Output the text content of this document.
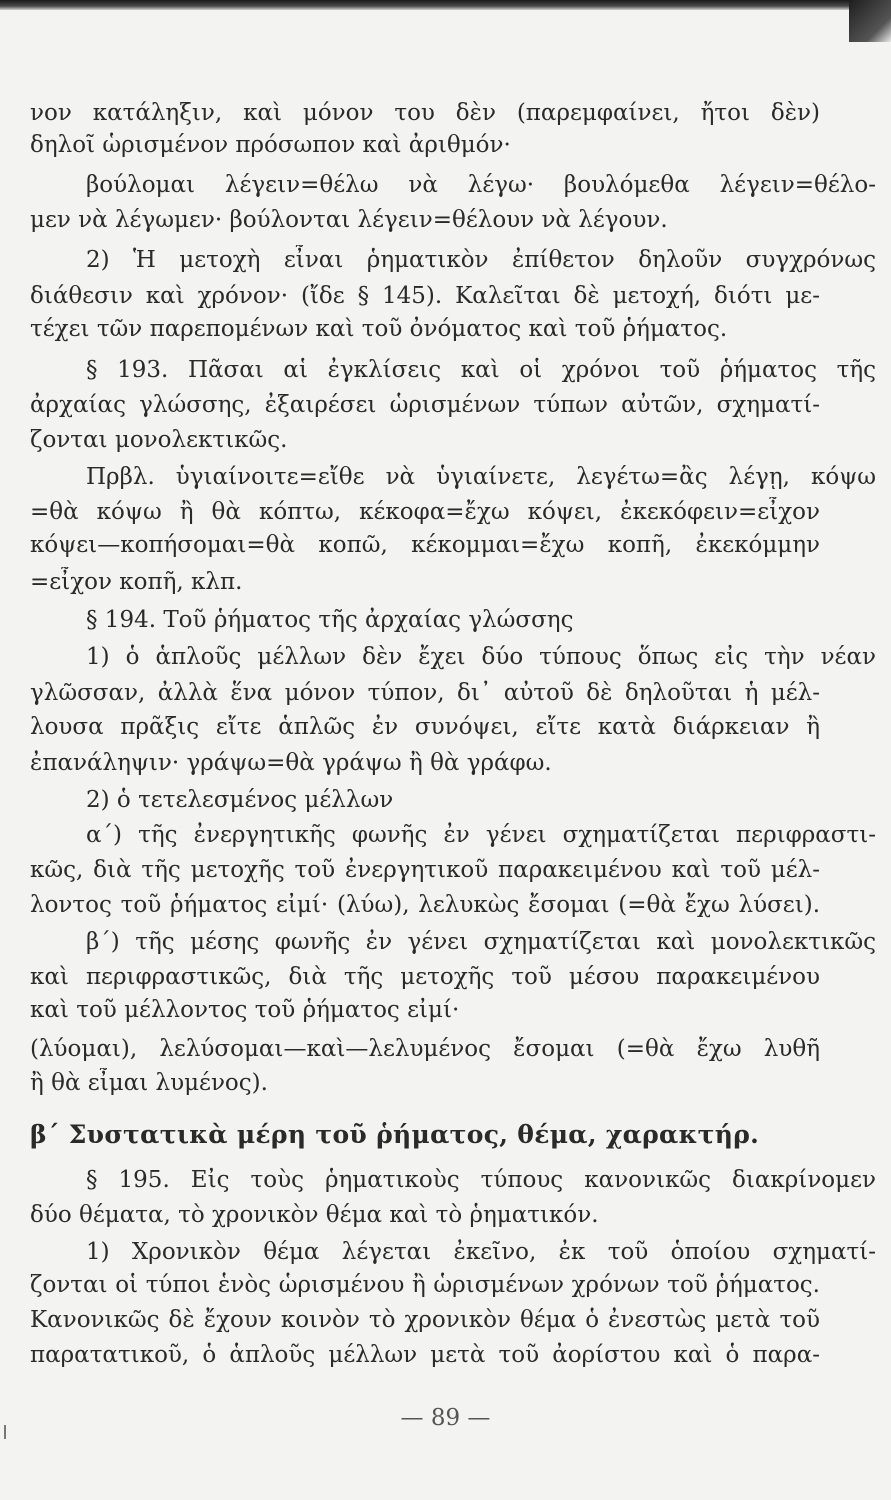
νον κατάληξιν, καὶ μόνον του δὲν (παρεμφαίνει, ἤτοι δὲν)
δηλοῖ ὡρισμένον πρόσωπον καὶ ἀριθμόν·
βούλομαι λέγειν=θέλω νὰ λέγω· βουλόμεθα λέγειν=θέλο-
μεν νὰ λέγωμεν· βούλονται λέγειν=θέλουν νὰ λέγουν.
2) Ἡ μετοχὴ εἶναι ῥηματικὸν ἐπίθετον δηλοῦν συγχρόνως
διάθεσιν καὶ χρόνον· (ἴδε § 145). Καλεῖται δὲ μετοχή, διότι με-
τέχει τῶν παρεπομένων καὶ τοῦ ὀνόματος καὶ τοῦ ῥήματος.
§ 193. Πᾶσαι αἱ ἐγκλίσεις καὶ οἱ χρόνοι τοῦ ῥήματος τῆς
ἀρχαίας γλώσσης, ἐξαιρέσει ὡρισμένων τύπων αὐτῶν, σχηματί-
ζονται μονολεκτικῶς.
Πρβλ. ὑγιαίνοιτε=εἴθε νὰ ὑγιαίνετε, λεγέτω=ἂς λέγῃ, κόψω
=θὰ κόψω ἢ θὰ κόπτω, κέκοφα=ἔχω κόψει, ἐκεκόφειν=εἶχον
κόψει—κοπήσομαι=θὰ κοπῶ, κέκομμαι=ἔχω κοπῆ, ἐκεκόμμην
=εἶχον κοπῆ, κλπ.
§ 194. Τοῦ ῥήματος τῆς ἀρχαίας γλώσσης
1) ὁ ἁπλοῦς μέλλων δὲν ἔχει δύο τύπους ὅπως εἰς τὴν νέαν
γλῶσσαν, ἀλλὰ ἕνα μόνον τύπον, δι᾽ αὐτοῦ δὲ δηλοῦται ἡ μέλ-
λουσα πρᾶξις εἴτε ἁπλῶς ἐν συνόψει, εἴτε κατὰ διάρκειαν ἢ
ἐπανάληψιν· γράψω=θὰ γράψω ἢ θὰ γράφω.
2) ὁ τετελεσμένος μέλλων
α΄) τῆς ἐνεργητικῆς φωνῆς ἐν γένει σχηματίζεται περιφραστι-
κῶς, διὰ τῆς μετοχῆς τοῦ ἐνεργητικοῦ παρακειμένου καὶ τοῦ μέλ-
λοντος τοῦ ῥήματος εἰμί· (λύω), λελυκὼς ἔσομαι (=θὰ ἔχω λύσει).
β΄) τῆς μέσης φωνῆς ἐν γένει σχηματίζεται καὶ μονολεκτικῶς
καὶ περιφραστικῶς, διὰ τῆς μετοχῆς τοῦ μέσου παρακειμένου
καὶ τοῦ μέλλοντος τοῦ ῥήματος εἰμί·
(λύομαι), λελύσομαι—καὶ—λελυμένος ἔσομαι (=θὰ ἔχω λυθῆ
ἢ θὰ εἶμαι λυμένος).
§ 195. Εἰς τοὺς ῥηματικοὺς τύπους κανονικῶς διακρίνομεν
δύο θέματα, τὸ χρονικὸν θέμα καὶ τὸ ῥηματικόν.
1) Χρονικὸν θέμα λέγεται ἐκεῖνο, ἐκ τοῦ ὁποίου σχηματί-
ζονται οἱ τύποι ἑνὸς ὡρισμένου ἢ ὡρισμένων χρόνων τοῦ ῥήματος.
Κανονικῶς δὲ ἔχουν κοινὸν τὸ χρονικὸν θέμα ὁ ἐνεστὼς μετὰ τοῦ
παρατατικοῦ, ὁ ἁπλοῦς μέλλων μετὰ τοῦ ἀορίστου καὶ ὁ παρα-
β΄ Συστατικὰ μέρη τοῦ ῥήματος, θέμα, χαρακτήρ.
— 89 —
